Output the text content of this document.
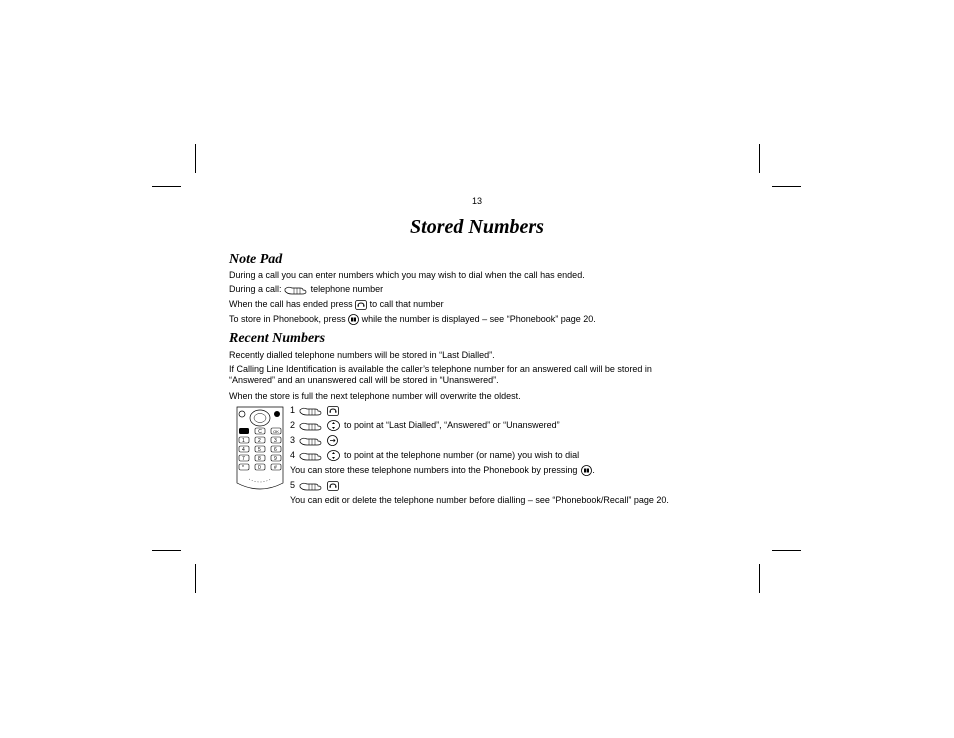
13
Stored Numbers
Note Pad
During a call you can enter numbers which you may wish to dial when the call has ended.
During a call:	telephone number
When the call has ended press to call that number
To store in Phonebook, press while the number is displayed – see “Phonebook” page 20.
Recent Numbers
Recently dialled telephone numbers will be stored in “Last Dialled”.
If Calling Line Identification is available the caller’s telephone number for an answered call will be stored in “Answered” and an unanswered call will be stored in “Unanswered”.
When the store is full the next telephone number will overwrite the oldest.
C	OK
1	2	3
4	5	6
7	8	9
*	0	#
1
2	to point at “Last Dialled”, “Answered” or “Unanswered”
3
4	to point at the telephone number (or name) you wish to dial
You can store these telephone numbers into the Phonebook by pressing .
5
You can edit or delete the telephone number before dialling – see “Phonebook/Recall” page 20.
